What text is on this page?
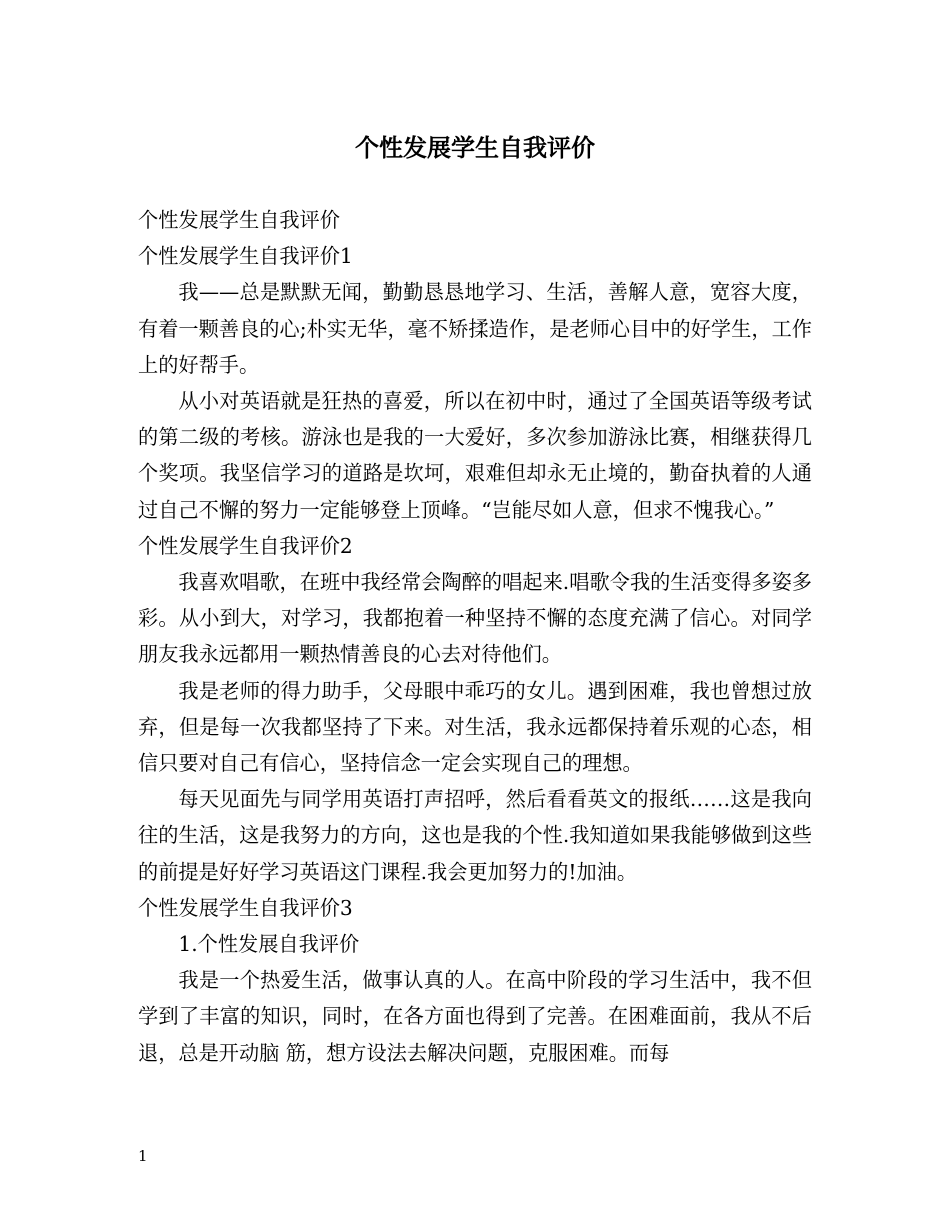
个性发展学生自我评价

个性发展学生自我评价

个性发展学生自我评价1

我——总是默默无闻，勤勤恳恳地学习、生活，善解人意，宽容大度，有着一颗善良的心;朴实无华，毫不矫揉造作，是老师心目中的好学生，工作上的好帮手。

从小对英语就是狂热的喜爱，所以在初中时，通过了全国英语等级考试的第二级的考核。游泳也是我的一大爱好，多次参加游泳比赛，相继获得几个奖项。我坚信学习的道路是坎坷，艰难但却永无止境的，勤奋执着的人通过自己不懈的努力一定能够登上顶峰。“岂能尽如人意，但求不愧我心。”

个性发展学生自我评价2

我喜欢唱歌，在班中我经常会陶醉的唱起来.唱歌令我的生活变得多姿多彩。从小到大，对学习，我都抱着一种坚持不懈的态度充满了信心。对同学朋友我永远都用一颗热情善良的心去对待他们。

我是老师的得力助手，父母眼中乖巧的女儿。遇到困难，我也曾想过放弃，但是每一次我都坚持了下来。对生活，我永远都保持着乐观的心态，相信只要对自己有信心，坚持信念一定会实现自己的理想。

每天见面先与同学用英语打声招呼，然后看看英文的报纸……这是我向往的生活，这是我努力的方向，这也是我的个性.我知道如果我能够做到这些的前提是好好学习英语这门课程.我会更加努力的!加油。

个性发展学生自我评价3

1.个性发展自我评价

我是一个热爱生活，做事认真的人。在高中阶段的学习生活中，我不但学到了丰富的知识，同时，在各方面也得到了完善。在困难面前，我从不后退，总是开动脑 筋，想方设法去解决问题，克服困难。而每

1
